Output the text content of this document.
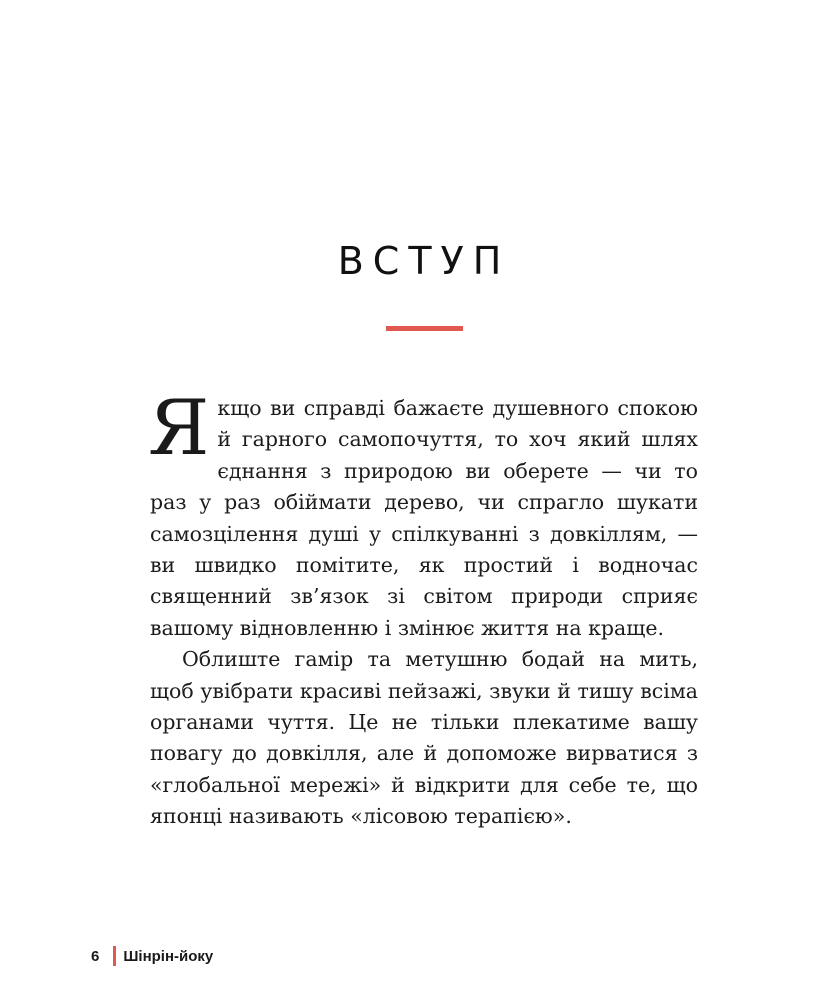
ВСТУП

Якщо ви справді бажаєте душевного спокою й гарного самопочуття, то хоч який шлях єднання з природою ви оберете — чи то раз у раз обіймати дерево, чи спрагло шукати самозцілення душі у спілкуванні з довкіллям, — ви швидко помітите, як простий і водночас священний зв’язок зі світом природи сприяє вашому відновленню і змінює життя на краще.

Облиште гамір та метушню бодай на мить, щоб увібрати красиві пейзажі, звуки й тишу всіма органами чуття. Це не тільки плекатиме вашу повагу до довкілля, але й допоможе вирватися з «глобальної мережі» й відкрити для себе те, що японці називають «лісовою терапією».

6 Шінрін-йоку
